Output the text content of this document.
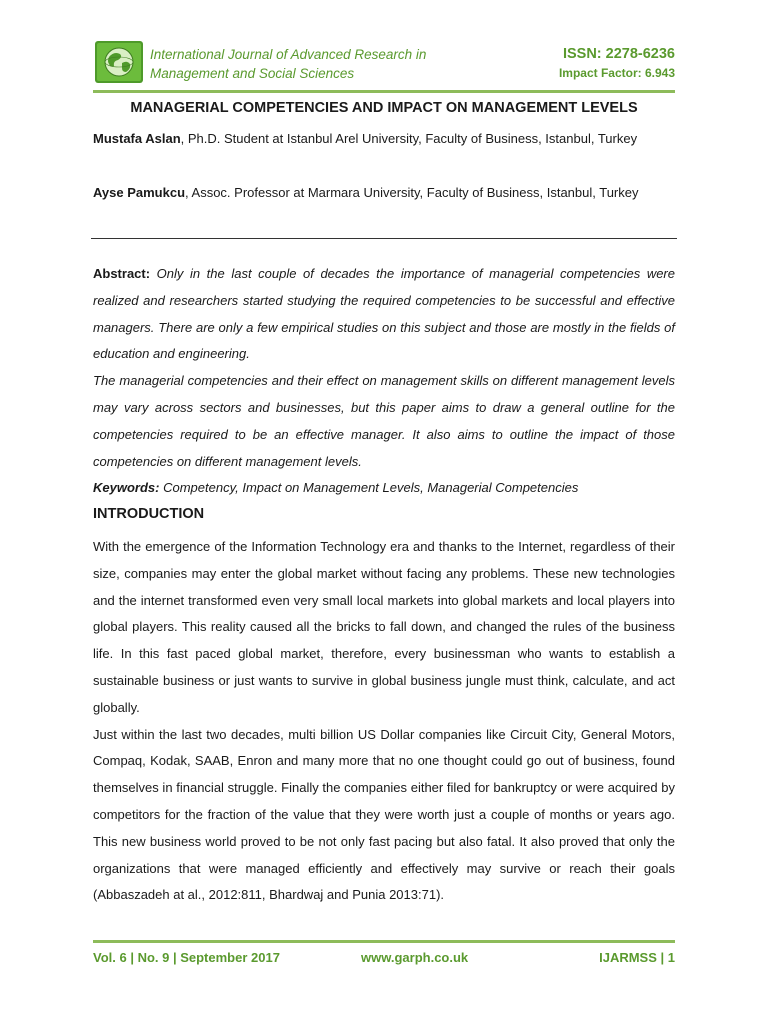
International Journal of Advanced Research in
Management and Social Sciences
ISSN: 2278-6236
Impact Factor: 6.943
MANAGERIAL COMPETENCIES AND IMPACT ON MANAGEMENT LEVELS
Mustafa Aslan, Ph.D. Student at Istanbul Arel University, Faculty of Business, Istanbul, Turkey
Ayse Pamukcu, Assoc. Professor at Marmara University, Faculty of Business, Istanbul, Turkey

Abstract: Only in the last couple of decades the importance of managerial competencies were realized and researchers started studying the required competencies to be successful and effective managers. There are only a few empirical studies on this subject and those are mostly in the fields of education and engineering.

The managerial competencies and their effect on management skills on different management levels may vary across sectors and businesses, but this paper aims to draw a general outline for the competencies required to be an effective manager. It also aims to outline the impact of those competencies on different management levels.

Keywords: Competency, Impact on Management Levels, Managerial Competencies

INTRODUCTION

With the emergence of the Information Technology era and thanks to the Internet, regardless of their size, companies may enter the global market without facing any problems. These new technologies and the internet transformed even very small local markets into global markets and local players into global players. This reality caused all the bricks to fall down, and changed the rules of the business life. In this fast paced global market, therefore, every businessman who wants to establish a sustainable business or just wants to survive in global business jungle must think, calculate, and act globally.

Just within the last two decades, multi billion US Dollar companies like Circuit City, General Motors, Compaq, Kodak, SAAB, Enron and many more that no one thought could go out of business, found themselves in financial struggle. Finally the companies either filed for bankruptcy or were acquired by competitors for the fraction of the value that they were worth just a couple of months or years ago. This new business world proved to be not only fast pacing but also fatal. It also proved that only the organizations that were managed efficiently and effectively may survive or reach their goals (Abbaszadeh at al., 2012:811, Bhardwaj and Punia 2013:71).

Vol. 6 | No. 9 | September 2017	www.garph.co.uk	IJARMSS | 1
